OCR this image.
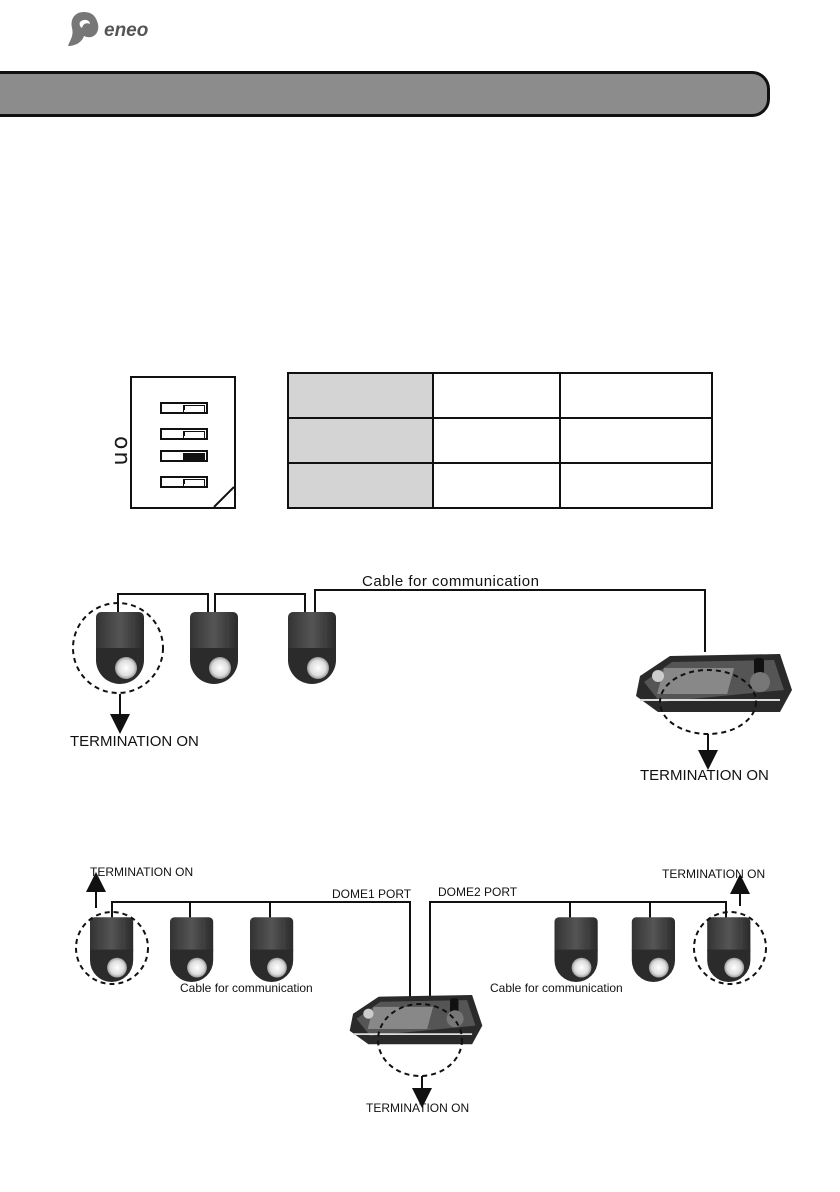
eneo
on

Cable for communication
TERMINATION ON
TERMINATION ON
TERMINATION ON	TERMINATION ON
DOME1 PORT DOME2 PORT
Cable for communication	Cable for communication
TERMINATION ON
